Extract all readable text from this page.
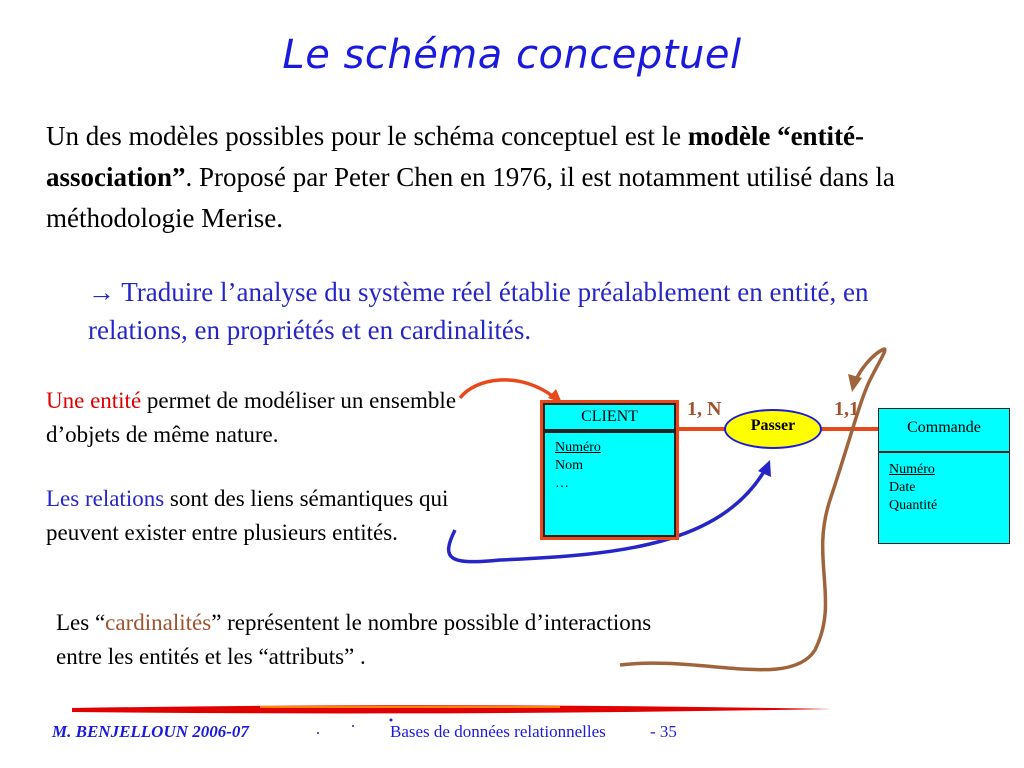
Le schéma conceptuel
Un des modèles possibles pour le schéma conceptuel est le modèle “entité-association”. Proposé par Peter Chen en 1976, il est notamment utilisé dans la méthodologie Merise.
→ Traduire l’analyse du système réel établie préalablement en entité, en relations, en propriétés et en cardinalités.
Une entité permet de modéliser un ensemble d’objets de même nature.
Les relations sont des liens sémantiques qui peuvent exister entre plusieurs entités.
Les “cardinalités” représentent le nombre possible d’interactions entre les entités et les “attributs” .
CLIENT
Numéro
Nom
…
Passer
1, N	1,1
Commande
Numéro
Date
Quantité
M. BENJELLOUN 2006-07	Bases de données relationnelles	- 35
